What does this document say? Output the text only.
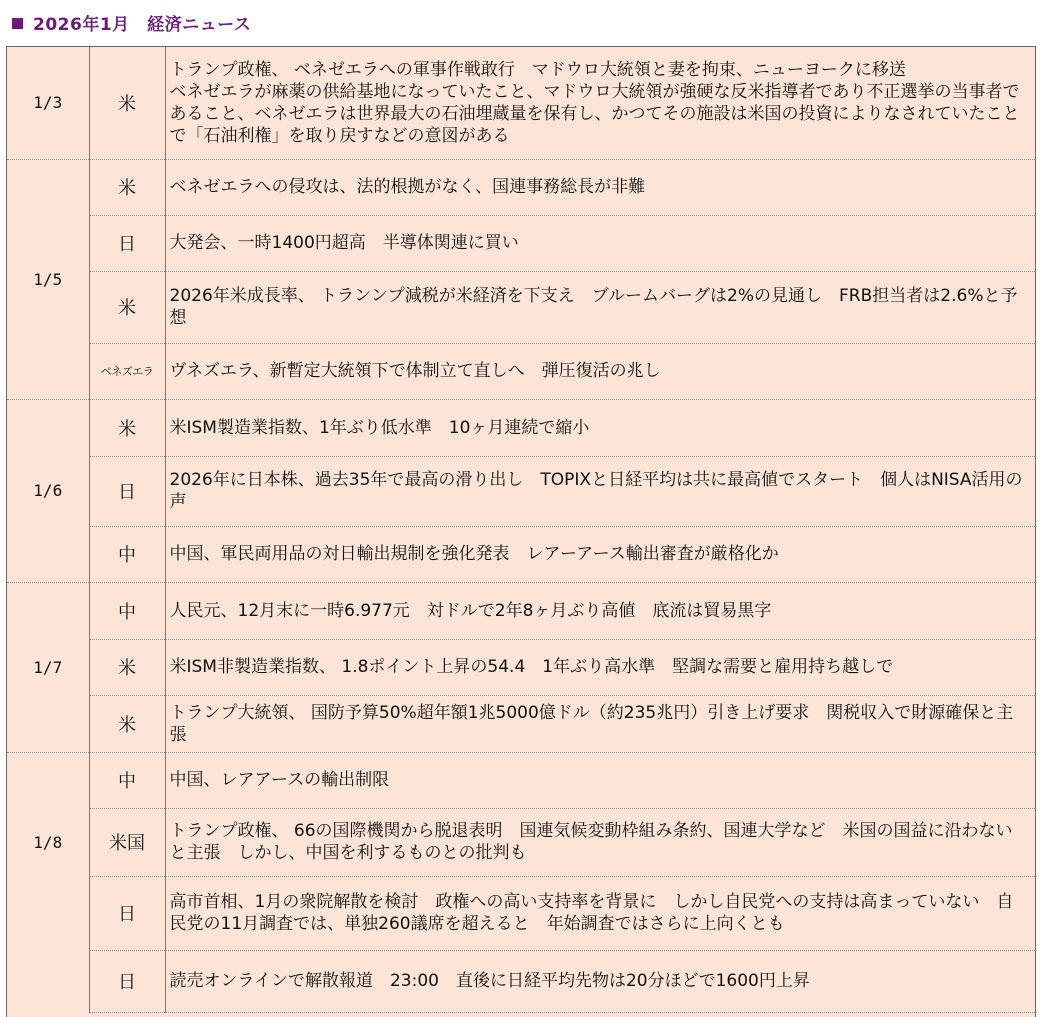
2026年1月　経済ニュース
1/3	米	トランプ政権、 ベネゼエラへの軍事作戦敢行　マドウロ大統領と妻を拘束、ニューヨークに移送
ベネゼエラが麻薬の供給基地になっていたこと、マドウロ大統領が強硬な反米指導者であり不正選挙の当事者であること、ベネゼエラは世界最大の石油埋蔵量を保有し、かつてその施設は米国の投資によりなされていたことで「石油利権」を取り戻すなどの意図がある
1/5	米	ベネゼエラへの侵攻は、法的根拠がなく、国連事務総長が非難
	日	大発会、一時1400円超高　半導体関連に買い
	米	2026年米成長率、 トランンプ減税が米経済を下支え　ブルームバーグは2%の見通し　FRB担当者は2.6%と予想
	ベネズエラ	ヴネズエラ、新暫定大統領下で体制立て直しへ　弾圧復活の兆し
1/6	米	米ISM製造業指数、1年ぶり低水準　10ヶ月連続で縮小
	日	2026年に日本株、過去35年で最高の滑り出し　TOPIXと日経平均は共に最高値でスタート　個人はNISA活用の声
	中	中国、軍民両用品の対日輸出規制を強化発表　レアーアース輸出審査が厳格化か
1/7	中	人民元、12月末に一時6.977元　対ドルで2年8ヶ月ぶり高値　底流は貿易黒字
	米	米ISM非製造業指数、 1.8ポイント上昇の54.4　1年ぶり高水準　堅調な需要と雇用持ち越しで
	米	トランプ大統領、 国防予算50%超年額1兆5000億ドル（約235兆円）引き上げ要求　関税収入で財源確保と主張
1/8	中	中国、レアアースの輸出制限
	米国	トランプ政権、 66の国際機関から脱退表明　国連気候変動枠組み条約、国連大学など　米国の国益に沿わないと主張　しかし、中国を利するものとの批判も
	日	高市首相、1月の衆院解散を検討　政権への高い支持率を背景に　しかし自民党への支持は高まっていない　自民党の11月調査では、単独260議席を超えると　年始調査ではさらに上向くとも
	日	読売オンラインで解散報道　23:00　直後に日経平均先物は20分ほどで1600円上昇
